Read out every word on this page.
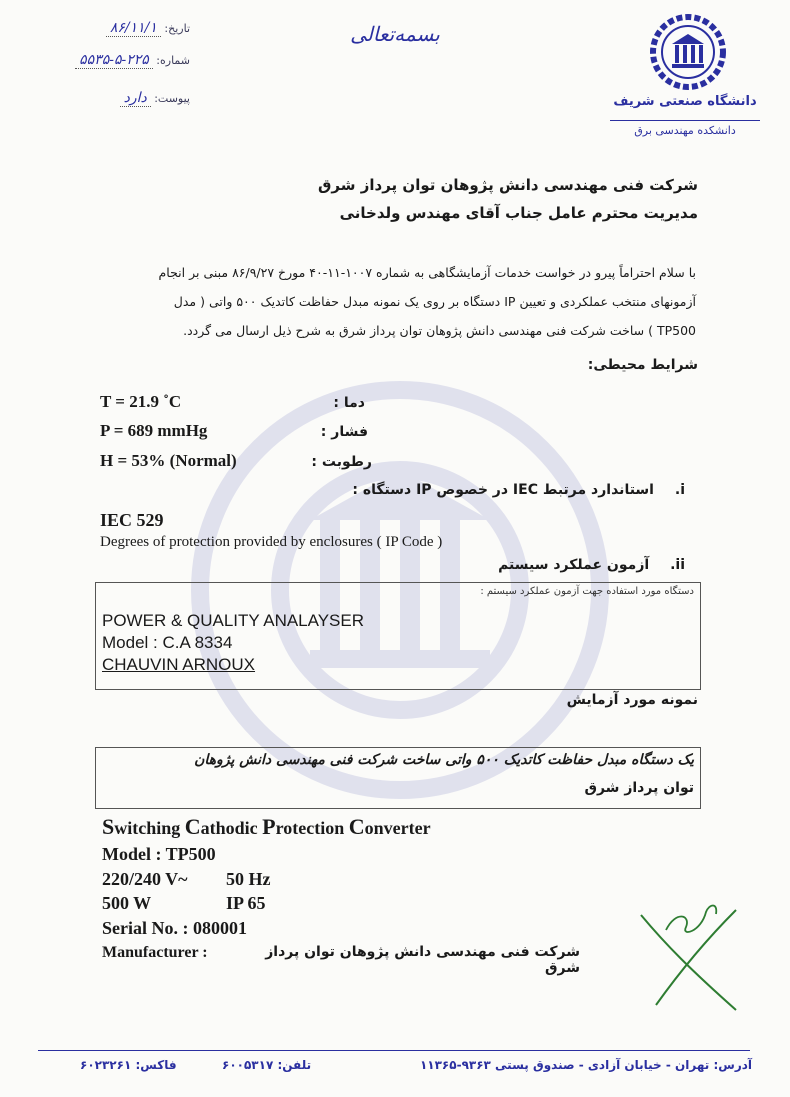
تاریخ: ۸۶/۱۱/۱
شماره: ۲۲۵-۵-۵۵۳۵
پیوست: دارد
بسمه‌تعالی
دانشگاه صنعتی شریف
دانشکده مهندسی برق
شرکت فنی مهندسی دانش پژوهان توان پرداز شرق
مدیریت محترم عامل جناب آقای مهندس ولدخانی
با سلام احتراماً پیرو در خواست خدمات آزمایشگاهی به شماره ۱۰۰۷-۱۱-۴۰ مورخ ۸۶/۹/۲۷ مبنی بر انجام
آزمونهای منتخب عملکردی و تعیین IP دستگاه بر روی یک نمونه مبدل حفاظت کاتدیک ۵۰۰ واتی ( مدل
TP500 ) ساخت شرکت فنی مهندسی دانش پژوهان توان پرداز شرق به شرح ذیل ارسال می گردد.
شرایط محیطی:
T = 21.9 ˚C	دما :
P = 689 mmHg	فشار :
H = 53% (Normal)	رطوبت :
i. استاندارد مرتبط IEC در خصوص IP دستگاه :
IEC 529
Degrees of protection provided by enclosures ( IP Code )
ii. آزمون عملکرد سیستم
دستگاه مورد استفاده جهت آزمون عملکرد سیستم :
POWER & QUALITY ANALAYSER
Model : C.A 8334
CHAUVIN ARNOUX
نمونه مورد آزمایش
یک دستگاه مبدل حفاظت کاتدیک ۵۰۰ واتی ساخت شرکت فنی مهندسی دانش پژوهان
توان پرداز شرق
Switching Cathodic Protection Converter
Model : TP500
220/240 V~ 50 Hz
500 W	IP 65
Serial No. : 080001
Manufacturer :	شرکت فنی مهندسی دانش پژوهان توان پرداز شرق
آدرس: تهران - خیابان آزادی - صندوق پستی ۹۳۶۳-۱۱۳۶۵
تلفن: ۶۰۰۵۳۱۷
فاکس: ۶۰۲۳۲۶۱
